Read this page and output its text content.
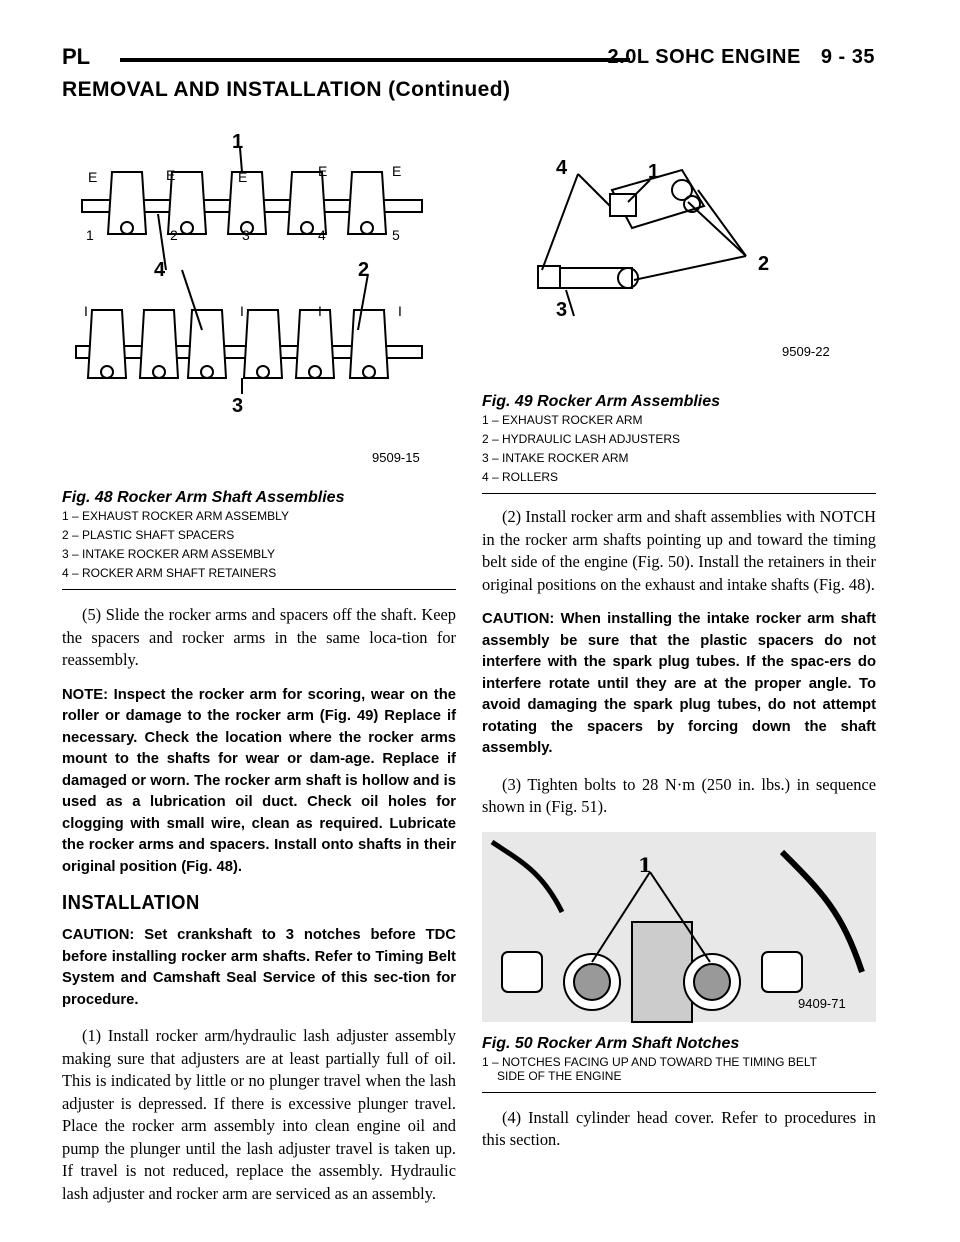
PL	2.0L SOHC ENGINE 9 - 35
REMOVAL AND INSTALLATION (Continued)
E	E	E	E	E
I	I	I	I
1	2	3	4	5
1
2
3
4
9509-15
Fig. 48 Rocker Arm Shaft Assemblies
1 – EXHAUST ROCKER ARM ASSEMBLY
2 – PLASTIC SHAFT SPACERS
3 – INTAKE ROCKER ARM ASSEMBLY
4 – ROCKER ARM SHAFT RETAINERS

(5) Slide the rocker arms and spacers off the shaft. Keep the spacers and rocker arms in the same loca-tion for reassembly.

NOTE: Inspect the rocker arm for scoring, wear on the roller or damage to the rocker arm (Fig. 49) Replace if necessary. Check the location where the rocker arms mount to the shafts for wear or dam-age. Replace if damaged or worn. The rocker arm shaft is hollow and is used as a lubrication oil duct. Check oil holes for clogging with small wire, clean as required. Lubricate the rocker arms and spacers. Install onto shafts in their original position (Fig. 48).
INSTALLATION
CAUTION: Set crankshaft to 3 notches before TDC before installing rocker arm shafts. Refer to Timing Belt System and Camshaft Seal Service of this sec-tion for procedure.

(1) Install rocker arm/hydraulic lash adjuster assembly making sure that adjusters are at least partially full of oil. This is indicated by little or no plunger travel when the lash adjuster is depressed. If there is excessive plunger travel. Place the rocker arm assembly into clean engine oil and pump the plunger until the lash adjuster travel is taken up. If travel is not reduced, replace the assembly. Hydraulic lash adjuster and rocker arm are serviced as an assembly.

1
2
3
4
9509-22
Fig. 49 Rocker Arm Assemblies
1 – EXHAUST ROCKER ARM
2 – HYDRAULIC LASH ADJUSTERS
3 – INTAKE ROCKER ARM
4 – ROLLERS

(2) Install rocker arm and shaft assemblies with NOTCH in the rocker arm shafts pointing up and toward the timing belt side of the engine (Fig. 50). Install the retainers in their original positions on the exhaust and intake shafts (Fig. 48).

CAUTION: When installing the intake rocker arm shaft assembly be sure that the plastic spacers do not interfere with the spark plug tubes. If the spac-ers do interfere rotate until they are at the proper angle. To avoid damaging the spark plug tubes, do not attempt rotating the spacers by forcing down the shaft assembly.

(3) Tighten bolts to 28 N·m (250 in. lbs.) in sequence shown in (Fig. 51).

1
9409-71
Fig. 50 Rocker Arm Shaft Notches
1 – NOTCHES FACING UP AND TOWARD THE TIMING BELT
SIDE OF THE ENGINE

(4) Install cylinder head cover. Refer to procedures in this section.
